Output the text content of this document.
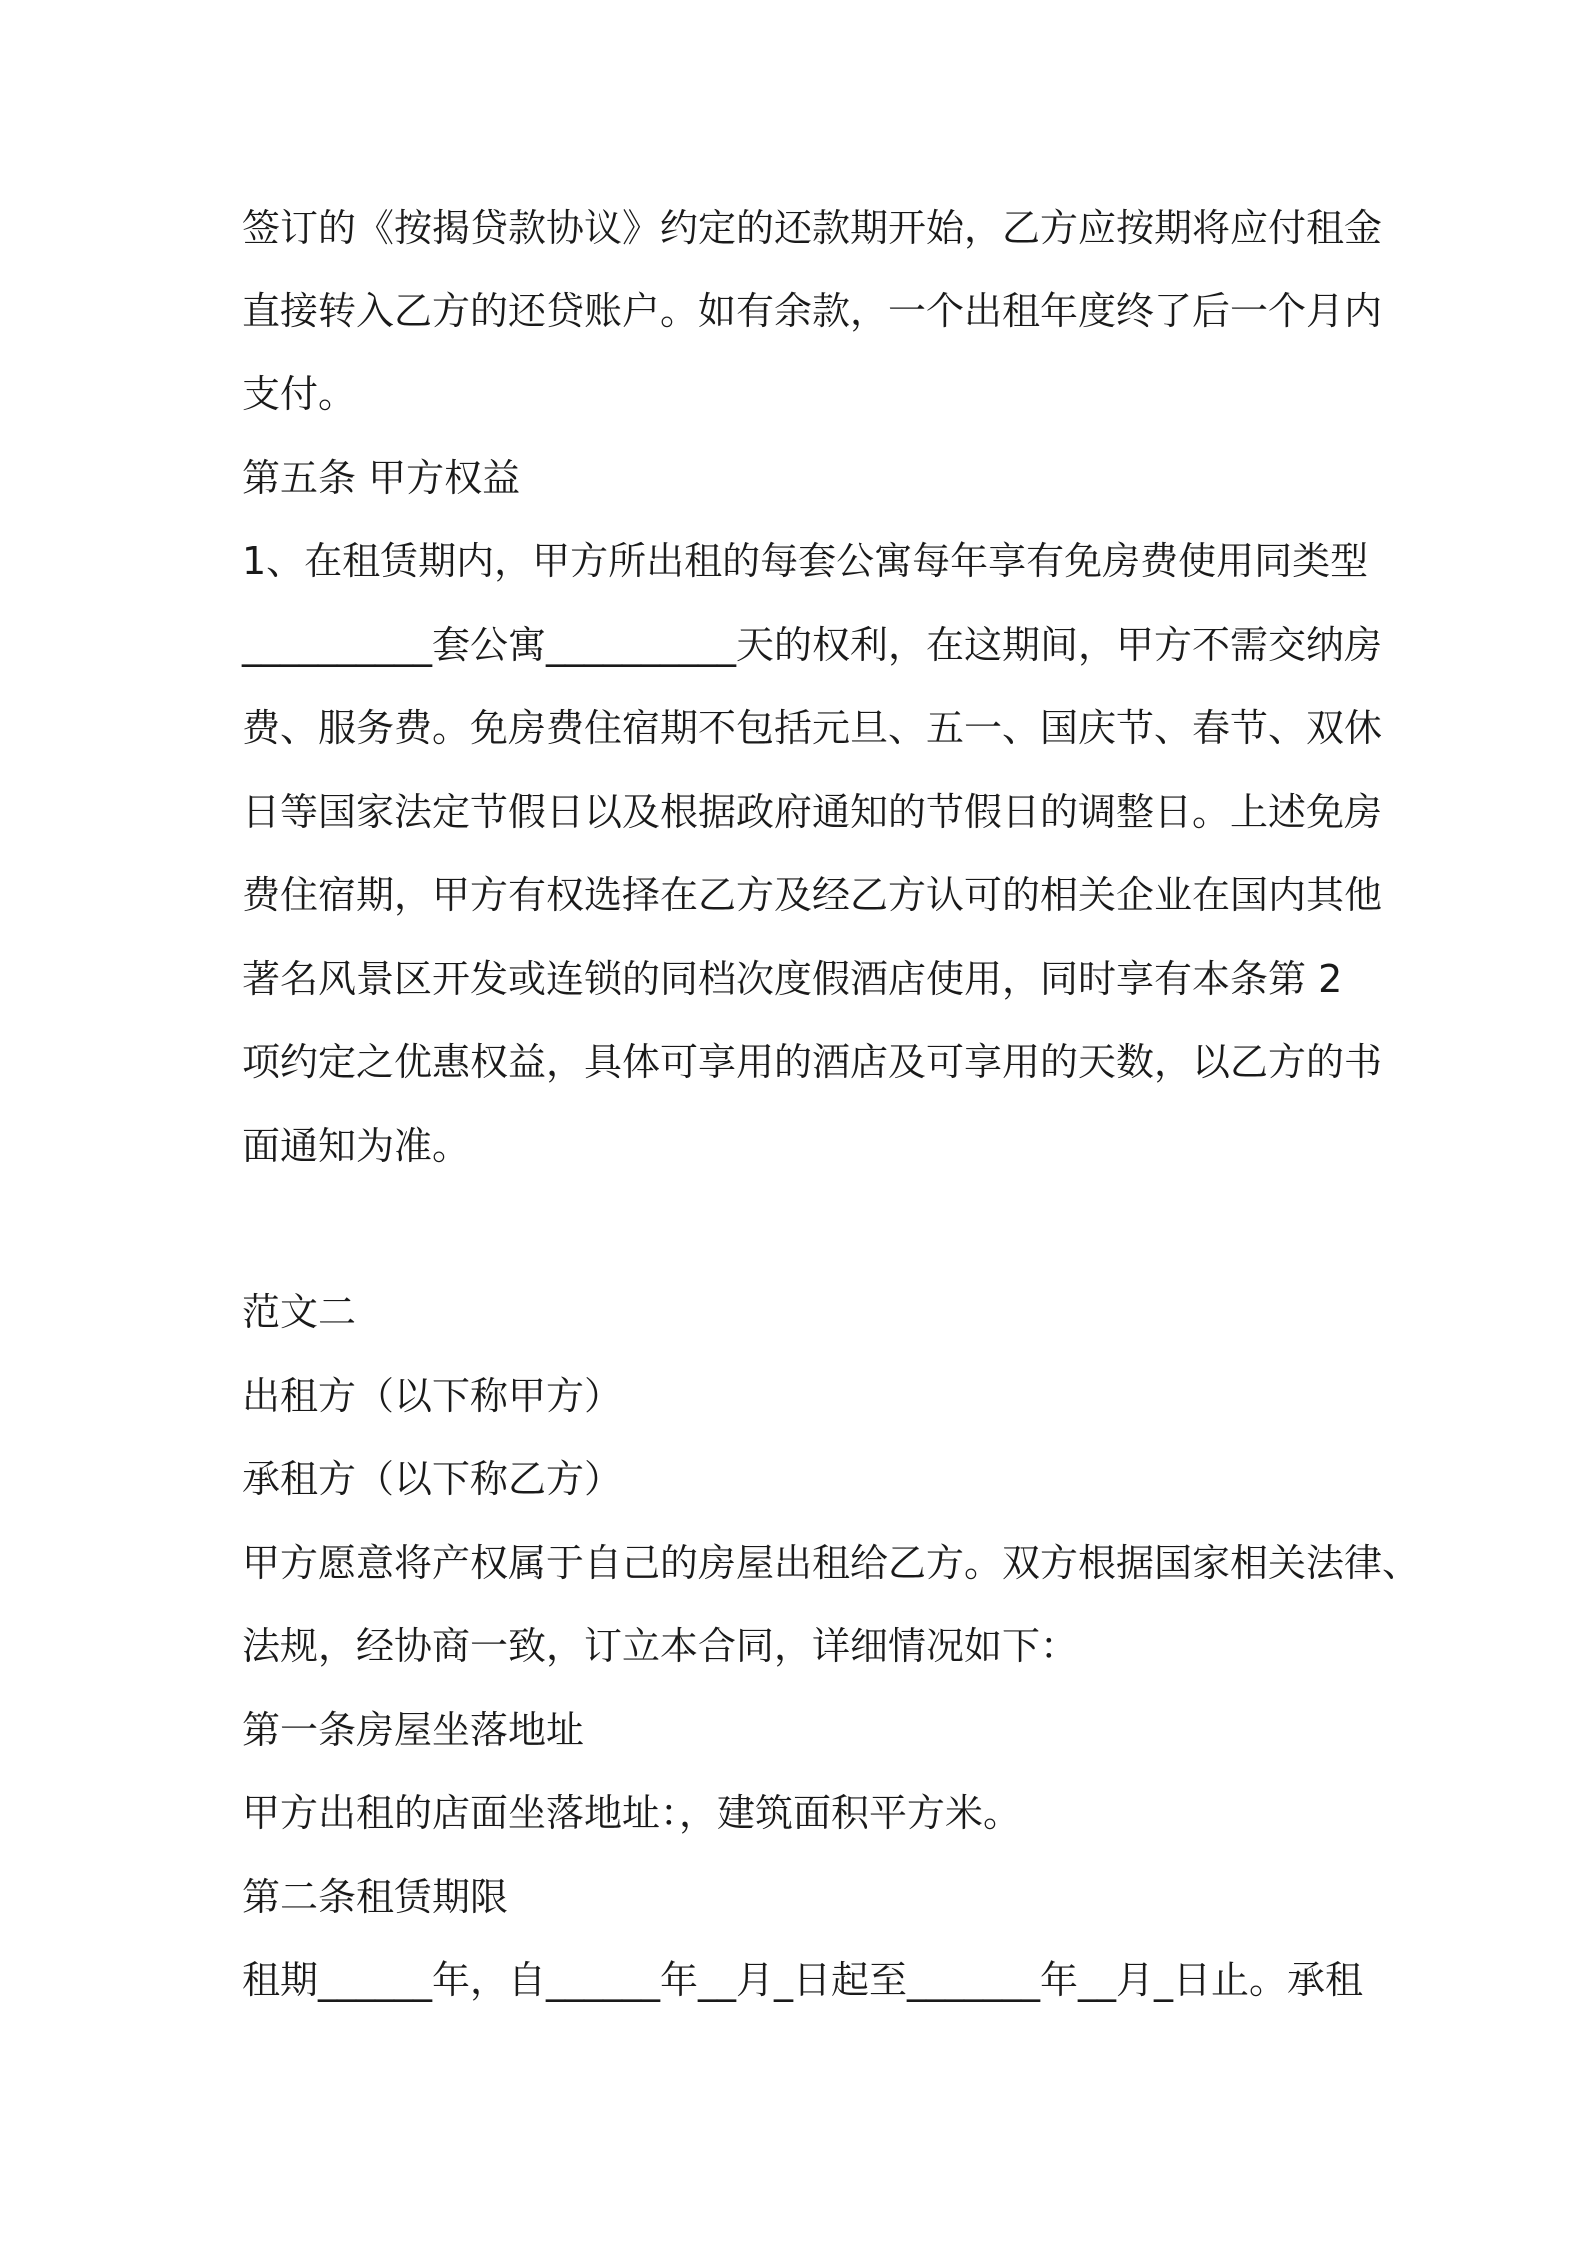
签订的《按揭贷款协议》约定的还款期开始，乙方应按期将应付租金
直接转入乙方的还贷账户。如有余款，一个出租年度终了后一个月内
支付。
第五条 甲方权益
1、在租赁期内，甲方所出租的每套公寓每年享有免房费使用同类型
__________套公寓__________天的权利，在这期间，甲方不需交纳房
费、服务费。免房费住宿期不包括元旦、五一、国庆节、春节、双休
日等国家法定节假日以及根据政府通知的节假日的调整日。上述免房
费住宿期，甲方有权选择在乙方及经乙方认可的相关企业在国内其他
著名风景区开发或连锁的同档次度假酒店使用，同时享有本条第 2
项约定之优惠权益，具体可享用的酒店及可享用的天数，以乙方的书
面通知为准。
范文二
出租方（以下称甲方）
承租方（以下称乙方）
甲方愿意将产权属于自己的房屋出租给乙方。双方根据国家相关法律、
法规，经协商一致，订立本合同，详细情况如下：
第一条房屋坐落地址
甲方出租的店面坐落地址：，建筑面积平方米。
第二条租赁期限
租期______年，自______年__月_日起至_______年__月_日止。承租
